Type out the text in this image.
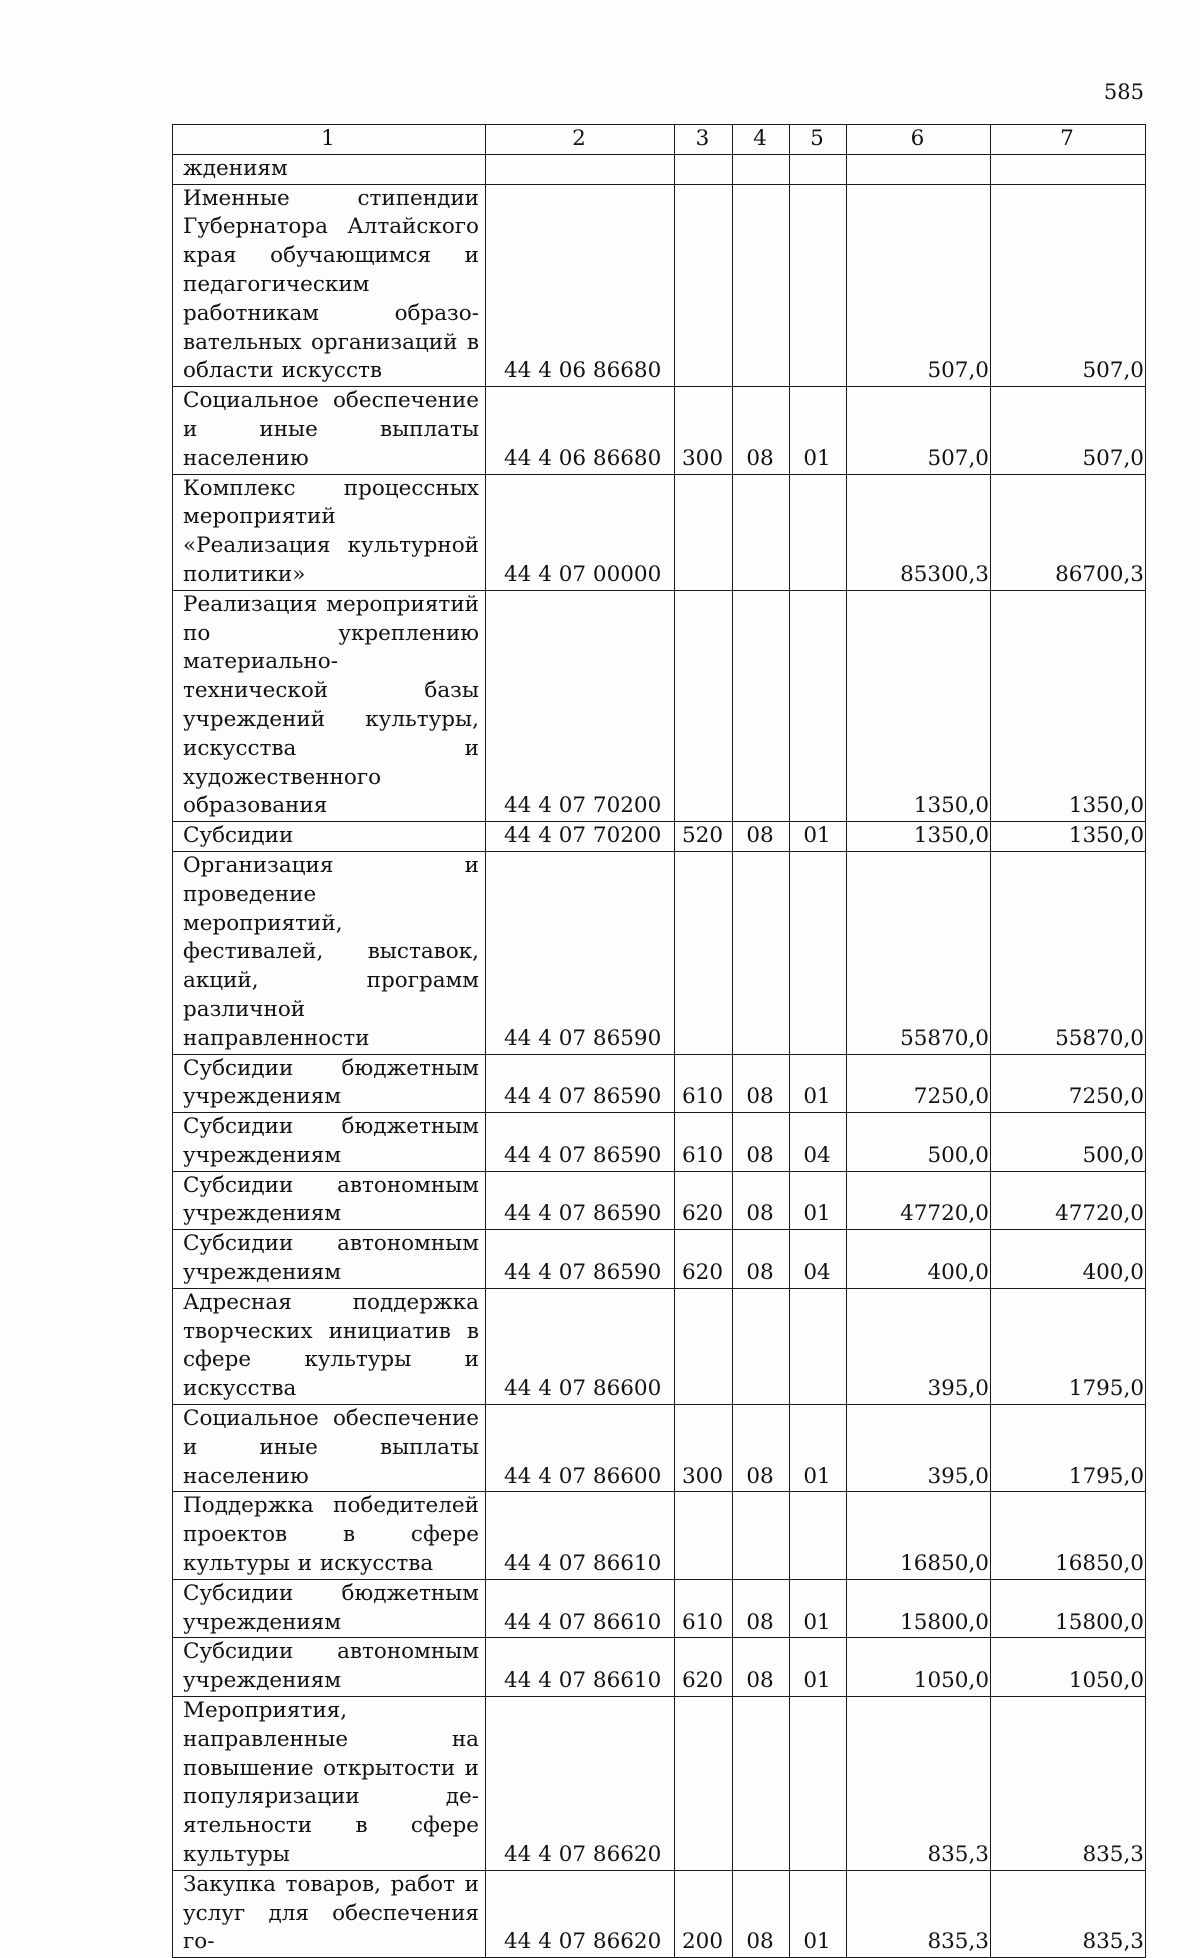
585
1	2	3	4	5	6	7
ждениям						
Именные стипендии Губернатора Алтайского края обучающимся и педагогическим работникам образовательных организаций в области искусств	44 4 06 86680				507,0	507,0
Социальное обеспечение и иные выплаты населению	44 4 06 86680	300	08	01	507,0	507,0
Комплекс процессных мероприятий «Реализация культурной политики»	44 4 07 00000				85300,3	86700,3
Реализация мероприятий по укреплению материально-технической базы учреждений культуры, искусства и художественного образования	44 4 07 70200				1350,0	1350,0
Субсидии	44 4 07 70200	520	08	01	1350,0	1350,0
Организация и проведение мероприятий, фестивалей, выставок, акций, программ различной направленности	44 4 07 86590				55870,0	55870,0
Субсидии бюджетным учреждениям	44 4 07 86590	610	08	01	7250,0	7250,0
Субсидии бюджетным учреждениям	44 4 07 86590	610	08	04	500,0	500,0
Субсидии автономным учреждениям	44 4 07 86590	620	08	01	47720,0	47720,0
Субсидии автономным учреждениям	44 4 07 86590	620	08	04	400,0	400,0
Адресная поддержка творческих инициатив в сфере культуры и искусства	44 4 07 86600				395,0	1795,0
Социальное обеспечение и иные выплаты населению	44 4 07 86600	300	08	01	395,0	1795,0
Поддержка победителей проектов в сфере культуры и искусства	44 4 07 86610				16850,0	16850,0
Субсидии бюджетным учреждениям	44 4 07 86610	610	08	01	15800,0	15800,0
Субсидии автономным учреждениям	44 4 07 86610	620	08	01	1050,0	1050,0
Мероприятия, направленные на повышение открытости и популяризации деятельности в сфере культуры	44 4 07 86620				835,3	835,3
Закупка товаров, работ и услуг для обеспечения го-	44 4 07 86620	200	08	01	835,3	835,3
